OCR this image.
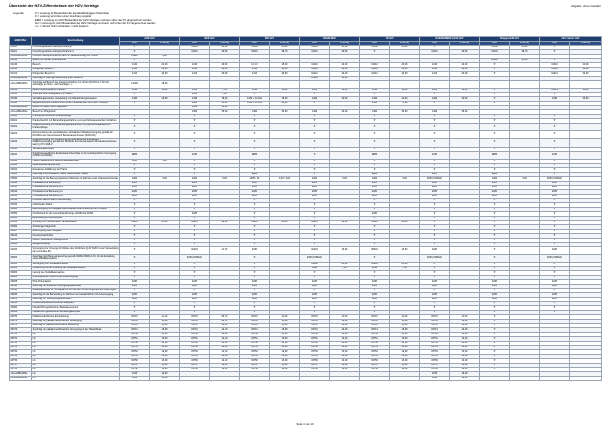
Übersicht der HZV-Ziffernkränze der HZV-Verträge	Abgabe: ohne Gewähr
Legende:	P = Leistung ist Bestandteil der kontaktabhängigen Pauschale
Z = Leistung wird über einen Zuschlag vergütet
EBM = Leistung ist nicht Bestandteil der HZV-Verträge und kann über die KV abgerechnet werden
bei = Leistung ist nicht Bestandteil der HZV-Verträge und kann nicht über die KV abgerechnet werden
n.v. = derzeit nicht vorhanden / nicht bekannt
EBM-Ziffer	Beschreibung	AOK HzV		BKK HzV		IKK HzV		BAHN-BKK		TK HzV		DAK/BARMER (LKK) HzV		Knappschaft HzV		HzV classic HzV	
		Ziffer	€-Betrag	Ziffer	€-Betrag	Ziffer	€-Betrag	Ziffer	€-Betrag	Ziffer	€-Betrag	Ziffer	€-Betrag	Ziffer	€-Betrag	Ziffer	€-Betrag
01100	Unvorhergesehene Inanspruchnahme	P		01100	20,00	01100	21,00	01100	21,00	01100	21,00	P		01100	20,00	P	
01101	Unvorhergesehene Inanspruchnahme II	P		01101	40,00	01101	38,70	01101	40,00	P		01101	40,00	01101	38,70	P	
ohne EBM-Ziffer	Ärztliche Inanspruchnahme (auch in Selektivvertrag) zur Unzeit	0110Ü	3,00														
01418	Besuch im Notfall, Wochenende	P												01418	40,00	P	
01410	Besuch	1410	22,00	1410	20,00	14 1 0	18,00	01410	22,00	01410	20,00	1410	22,00	P		01410	22,00
01411	Dringender Besuch I	1411	32,00	1411	30,00	1411	30,00	01411	32,00	01411	32,00	1411	32,00	P		01411	32,00
01412	Dringender Besuch II	1412	32,00	1412	30,00	1412	30,00	01412	32,00	01412	32,00	1412	32,00	P		01412	32,00
ohne EBM-Ziffer	Zuschlag für säumige Ausführung einer Besuchs							14130	35,00								
ohne EBM-Ziffer	Zuschlag auf Besuch bei Inanspruchnahme zur Unzeit (20:00 bis 7:00 Uhr, samstags, an Sonn- und Feiertagen...)	1414D	18,00														
01413	Besuch eines weiteren Kranken	1413	11,00	1413	7,54	1413	11,00	1413	11,00	1413	11,00	1413	11,00	P		01413	11,00
01415	Visite auf einer Belegstation, je Patient	P		1415	7,00	P		P		P		P		P		P	
01430	Verwaltungskomplex, Ausstellung von Wiederholungsrezepten	1430	20,00	1430	18,00	1430 + 14 102	18,00	1430	20,00	1430	20,00	1430	20,00	P		1430	20,00
01420	Begleitung eines Kranken durch einen behandelnden Arzt beim Transport	P		1420	35,00	1420 + 14 102	35,00	P		1420	75,00	P		P			
ohne EBM-Ziffer	Besuch im Alten- und Pflegeheim			1450	30,00												
ohne EBM-Ziffer	Besuch im Pflegeheim			1490	25,00	1490	30,00	1490	30,00	1490	30,00	1490	25,00				
01620	Prüfung der ärztlichen Krankenpflege	P		P		P		P		P		P		P		P	
01621	Krankenbericht zur Behandlungsaufnahme von psychotherapeutischen Verfahren	P		P		P		P		P		P		P		P	
01622	Folgeverordnung von Behandlungsmaßnahmen zur psychotherapeutischen Krankenpflege	P		P		P		P		P		P		P		P	
01623	Erstverordnung der spezialisierten ambulanten Palliativversorgung gemäß der Richtlinie des Gemeinsamen Bundesausschusses (SAPV-RL)	P		P		P		P		P		P		P		P	
01626	Folgeverordnung zur Fortführung der spezialisierten ambulanten Palliativversorgung gemäß der Richtlinie des Gemeinsamen Bundesausschusses nach § 37 b SGB V	P		P		P		P		P		P		P		P	
01630	Verwaltungskomplex	P		P		P		P		P		P		P		P	
01631	Krankheitsspezifische Erstkontakte-Pauschale in der kontinuierlichen Versorgung (01630 und 01631)	EBM		EVB		EBM		P		EBM		EVB		EBM		EVB	
01640	Haus-/Präsidentliche Bereitschaftspauschale	1112	5,00	P		P		P		P		P		P		P	
01641	Gesundheitsuntersuchung	P		P		P		P		P		P		P		P	
01642	Erweitertes Aufklärung der Praxis	P		P		P		P		P		P		P		P	
01660	Zuschlag Kommunikation mittels Telefonischer Patient	P		P		EBM		P		EBM		EVB		EBM		P	
01690	Zuschlag für die Betreuungskosten Patienten im Rahmen einer Videosprechstunde	1300	3,00	1300	5,00	1455 / 14	3,00 / 3,00	1300	3,00	1300	3,00	EVB (01300A)		1300	3,00	EVB (01300A)	
01910	Prostatektomie Betreuung I	EVB		EVB		EVB		EVB		EVB		EVB		EVB		EVB	
01911	Prostatektomie Betreuung 2+	EVB		EVB		EVB		EVB		EVB		EVB		EVB		EVB	
01912	Prostatektomie Betreuung 3+	EVB		EVB		EVB		EVB		EVB		EVB		EVB		EVB	
01913	Prostatektomie Betreuung 4+	EVB		EVB		EVB		EVB		EVB		EVB		EVB		EVB	
01930	Ärztlicher Bericht nach Untersuchung	P		P		P		P		P		P		P		P	
01932	Individueller Ablauf	P		P		P		P		P		P		P		P	
01940	Bescheinigung zur Ausgabe eines Attestes oder Briefes an den Tranport	P		P		P		P		P		P		P		P	
01950	Hochbetrieb für die Gesundheitsfürsorge (01960 bis 01994	P		EVB		P		P		EVB		P		P		P	
01955	Beschaffung im Anschreiben	P		P		P		P		P		P		P		P	
01956	Umfang zum Institutioneller Verbandstellen	01611	25,00	01611	28,00	01611	28,00	01611	26,00	01611	28,00	P		P		P	
01962	Schwierige Diagnostik	P		P		P		P		P		P		P		P	
01967	Besichtigung einer Ausgabe	P		P		P		P		P		P		P		P	
02100	Kieselverbandmittel	P		P		P		P		P		P		P		P	
02300	Kleiner, besonderer Stabsgebühre	P		P		P		P		P		P		P		P	
02320	Blutgasmessung	P		P		P		P		P		P		P		P	
02400	Vorsorgung zur Vorsorge für Mütter oder Ähnlichen (§ 20 SGB V unter Verwendung der Formulare 61)	P		02424	11,73	EVB		02424	15,90	05944	15,90	EVB		P		EVB	
02500	Zuschlag nach Betreuungsvertrag gemäß 01960,01990 zu Nr. für die Erstellung eines Medikationsplans	P		EVB (01960A)		P		EVB (01960A)		P		EVB (01960A)		P		EVB (01960A)	
02501	Versorgung von Notfallalternativen	P		P		P		01640	85,00	05841	85,00	P		P		P	
02502	Umsetzung mit der Anleitung bei Notfallalternativen	P		P		P		1648	7,00	5843	7,00	P		P		P	
03000	Lösung des Notfalldatensatzes	P		P		P		P		P		P		P		P	
03001	Koordinierende Praxis Ohne Notversorgung	P		P		P		P		P		P		P		P	
03008	PSA-Präventation	EVB		EVB		EVB		EVB		EVB		EVB		EVB		EVB	
03010	Zuschlag zur ärztlichen Versorgungspauschale	EVB		EVB		EVB		EVB		EVB		EVB		EVB		EVB	
03040	Zusatzpauschale für Vertragsärzte zur Zeit der HZ-RA eingetretenen Ansprüngen	P		P		P		P		P		P		P		P	
03220	Zuschlag für die Behandlung im Rahmen der hausärztlichen Grundversorgung	EVB		EVB		EVB		EVB		EVB		EVB		EVB		EVB	
03221	Zuschlag zur Versorgungspauschale I	EVB		EVB		EVB		EVB		EVB		EVB		EVB		EVB	
03230	Problemorientiertes ärztliches Gespräch	P		P		P		P		P		P		P		P	
03360	Hausärztlich-geriatrisches Basisassessment	P		P		P		P		P		P		P		P	
03362	Hausärztlich-geriatrischer Betreuungskomplex	P		P		P		P		P		P		P		P	
03370	Palliativmedizinische Ersterhebung	03707	11,10	03707	09,72	03707	11,00	03707	11,00	03707	11,00	03707	11,00	P			
03371	Zuschlag zur palliativmedizinischen Versorgung	03711	13,00	03711	09,72	03711	13,00	03711	13,00	03711	13,00	03711	13,00	P			
03372	Zuschlag für palliativmedizinische Betreuung	03712	13,00	03712	12,10	03712	13,00	03712	13,00	03712	13,00	03712	13,00	P			
03373	Zuschlag zur palliativmedizinischen Versorgung in der Häuslichkeit	03713	13,00	03713	12,10	03713	13,00	03713	13,00	03713	13,00	03713	13,00	P			
03750	LS	03750	13,00	03750	12,10	03750	13,00	03750	13,00	03750	13,00	03750	13,00	P			
03751	LS	03751	13,00	03751	12,10	03751	13,00	03751	13,00	03751	13,00	03751	13,00	P			
03752	LS	03752	13,00	03752	12,10	03752	13,00	03752	13,00	03752	13,00	03752	13,00	P			
03753	LS	03753	13,00	03753	12,10	03753	13,00	03753	13,00	03753	13,00	03753	13,00	P			
03754	LS	03754	13,00	03754	12,10	03754	13,00	03754	13,00	03754	13,00	03754	13,00	P			
03755	LS	03755	13,00	03755	12,10	03755	13,00	03755	13,00	03755	13,00	03755	13,00	P			
03756	LS	03756	13,00	03756	12,10	03756	13,00	03756	13,00	03756	13,00	03756	13,00	P			
03757	LS	03757	13,00	03757	12,10	03757	13,00	03757	13,00	03757	13,00	03757	13,00	P			
03758	LS	03758	13,00	03758	12,10	03758	13,00	03758	13,00	03758	13,00	03758	13,00	P			
ohne EBM-Ziffer	LS	1515	16,00									1515	16,00				
ohne EBM-Ziffer	LS	1516	16,00									1516	16,00				
Seite 1 von 10
